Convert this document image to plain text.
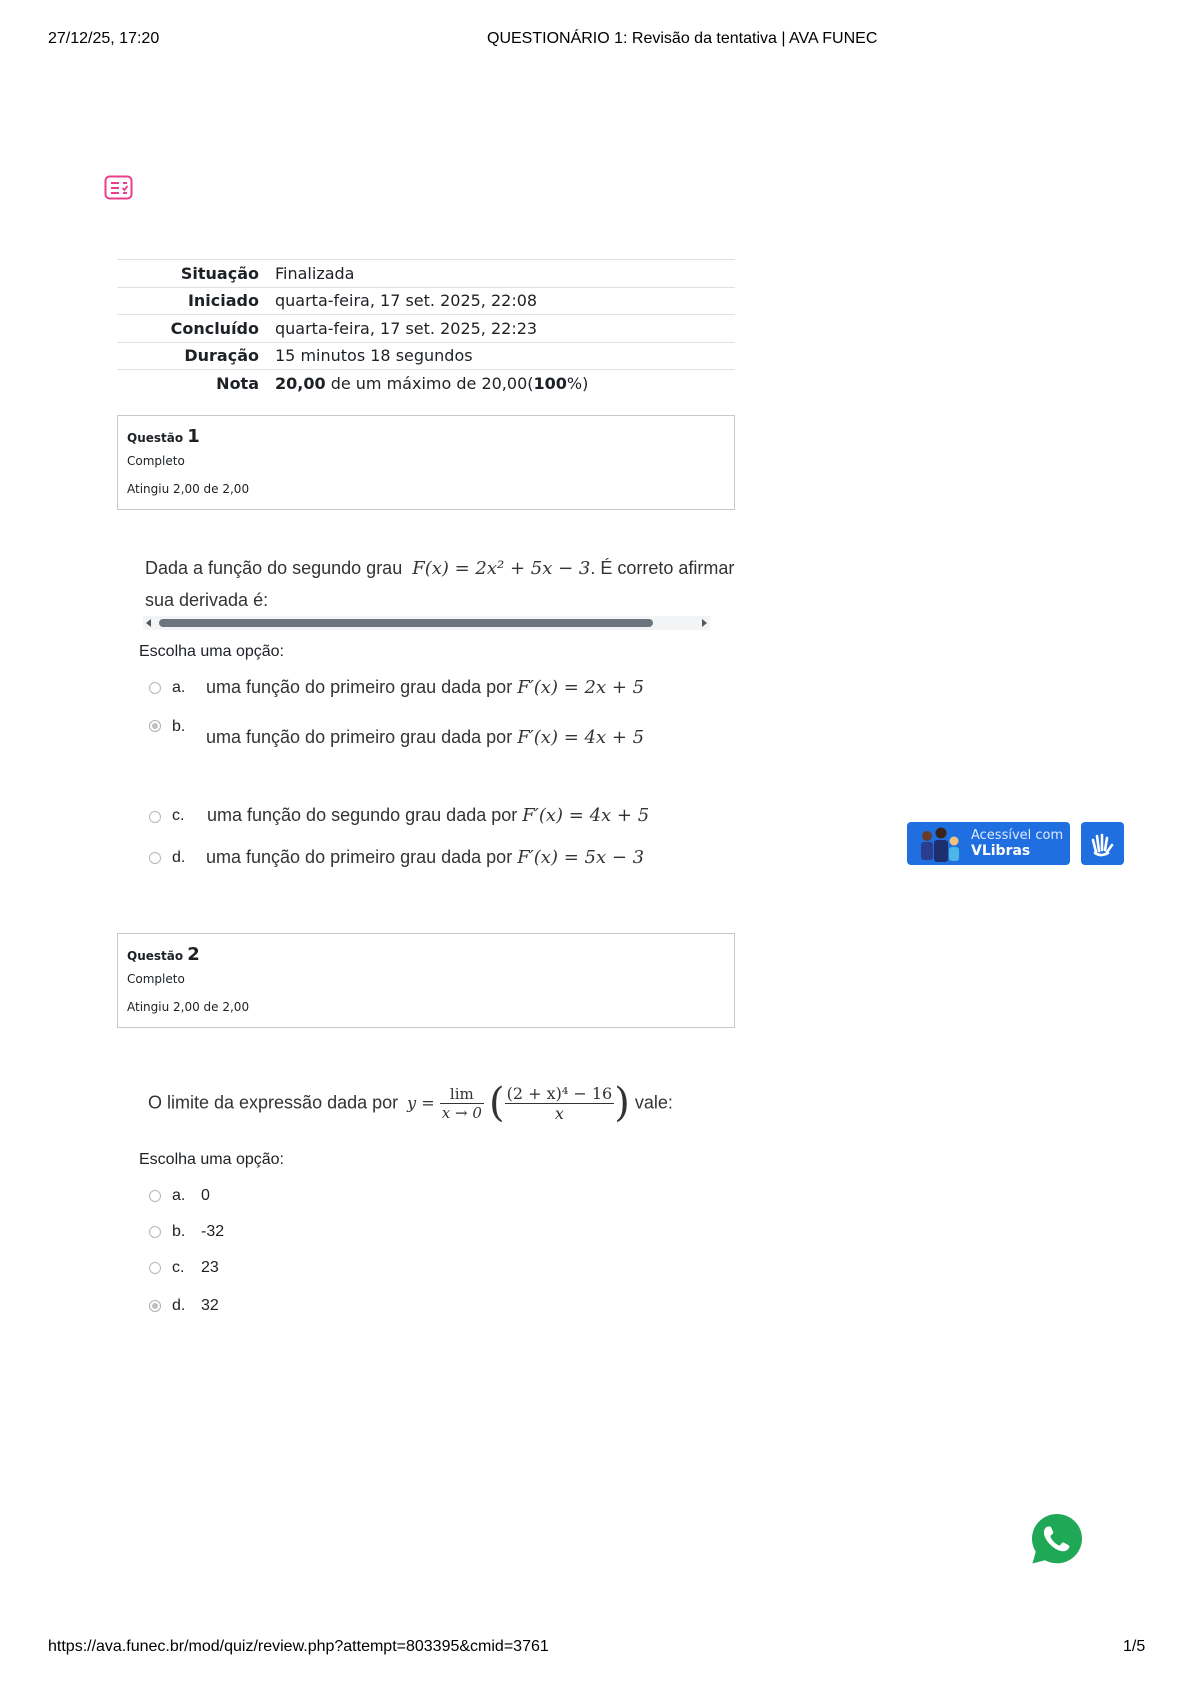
27/12/25, 17:20	QUESTIONÁRIO 1: Revisão da tentativa | AVA FUNEC
Situação	Finalizada
Iniciado	quarta-feira, 17 set. 2025, 22:08
Concluído	quarta-feira, 17 set. 2025, 22:23
Duração	15 minutos 18 segundos
Nota	20,00 de um máximo de 20,00(100%)
Questão 1
Completo
Atingiu 2,00 de 2,00
Dada a função do segundo grau F(x) = 2x² + 5x − 3. É correto afirmar
sua derivada é:
Escolha uma opção:
a. uma função do primeiro grau dada por F′(x) = 2x + 5
b.
uma função do primeiro grau dada por F′(x) = 4x + 5
c. uma função do segundo grau dada por F′(x) = 4x + 5
d. uma função do primeiro grau dada por F′(x) = 5x − 3
Acessível com
VLibras
Questão 2
Completo
Atingiu 2,00 de 2,00
O limite da expressão dada por $y = \frac{\lim}{x \to 0}$ ( $\frac{\text{(2 + x)⁴ − 16}}{x}$ ) vale:
Escolha uma opção:
a. 0
b. -32
c. 23
d. 32
https://ava.funec.br/mod/quiz/review.php?attempt=803395&cmid=3761	1/5
